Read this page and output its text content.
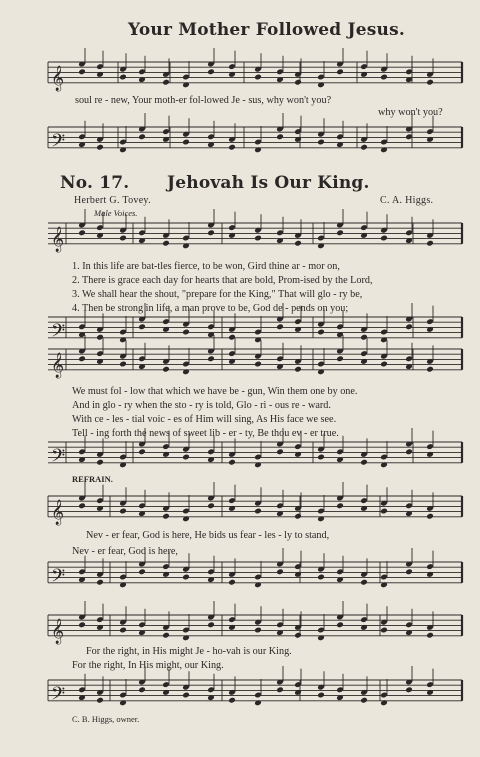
Your Mother Followed Jesus.
𝄞
𝄢
𝄞
𝄢
𝄞
𝄢
𝄞
𝄢
𝄞
𝄢
soul re - new, Your moth-er fol-lowed Je - sus, why won't you?
why won't you?
No. 17. Jehovah Is Our King.
Herbert G. Tovey.	C. A. Higgs.
Male Voices.
1. In this life are bat-tles fierce, to be won, Gird thine ar - mor on,
2. There is grace each day for hearts that are bold, Prom-ised by the Lord,
3. We shall hear the shout, "prepare for the King," That will glo - ry be,
4. Then be strong in life, a man prove to be, God de - pends on you;
We must fol - low that which we have be - gun, Win them one by one.
And in glo - ry when the sto - ry is told, Glo - ri - ous re - ward.
With ce - les - tial voic - es of Him will sing, As His face we see.
Tell - ing forth the news of sweet lib - er - ty, Be thou ev - er true.
REFRAIN.
Nev - er fear, God is here, He bids us fear - les - ly to stand,
Nev - er fear, God is here,
For the right, in His might Je - ho-vah is our King.
For the right, In His might, our King.
C. B. Higgs, owner.
